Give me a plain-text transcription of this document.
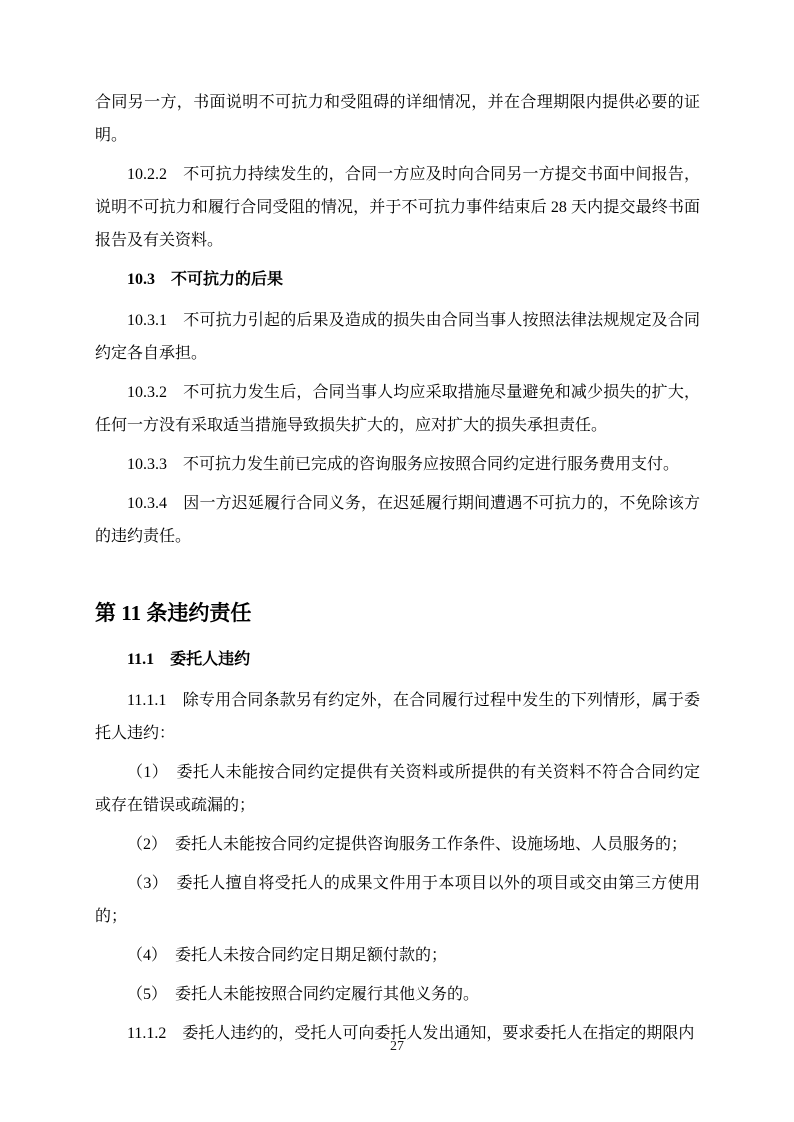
合同另一方，书面说明不可抗力和受阻碍的详细情况，并在合理期限内提供必要的证明。
10.2.2　不可抗力持续发生的，合同一方应及时向合同另一方提交书面中间报告，说明不可抗力和履行合同受阻的情况，并于不可抗力事件结束后 28 天内提交最终书面报告及有关资料。
10.3　不可抗力的后果
10.3.1　不可抗力引起的后果及造成的损失由合同当事人按照法律法规规定及合同约定各自承担。
10.3.2　不可抗力发生后，合同当事人均应采取措施尽量避免和减少损失的扩大，任何一方没有采取适当措施导致损失扩大的，应对扩大的损失承担责任。
10.3.3　不可抗力发生前已完成的咨询服务应按照合同约定进行服务费用支付。
10.3.4　因一方迟延履行合同义务，在迟延履行期间遭遇不可抗力的，不免除该方的违约责任。
第 11 条违约责任
11.1　委托人违约
11.1.1　除专用合同条款另有约定外，在合同履行过程中发生的下列情形，属于委托人违约：
（1）　委托人未能按合同约定提供有关资料或所提供的有关资料不符合合同约定或存在错误或疏漏的；
（2）　委托人未能按合同约定提供咨询服务工作条件、设施场地、人员服务的；
（3）　委托人擅自将受托人的成果文件用于本项目以外的项目或交由第三方使用的；
（4）　委托人未按合同约定日期足额付款的；
（5）　委托人未能按照合同约定履行其他义务的。
11.1.2　委托人违约的，受托人可向委托人发出通知，要求委托人在指定的期限内
27
